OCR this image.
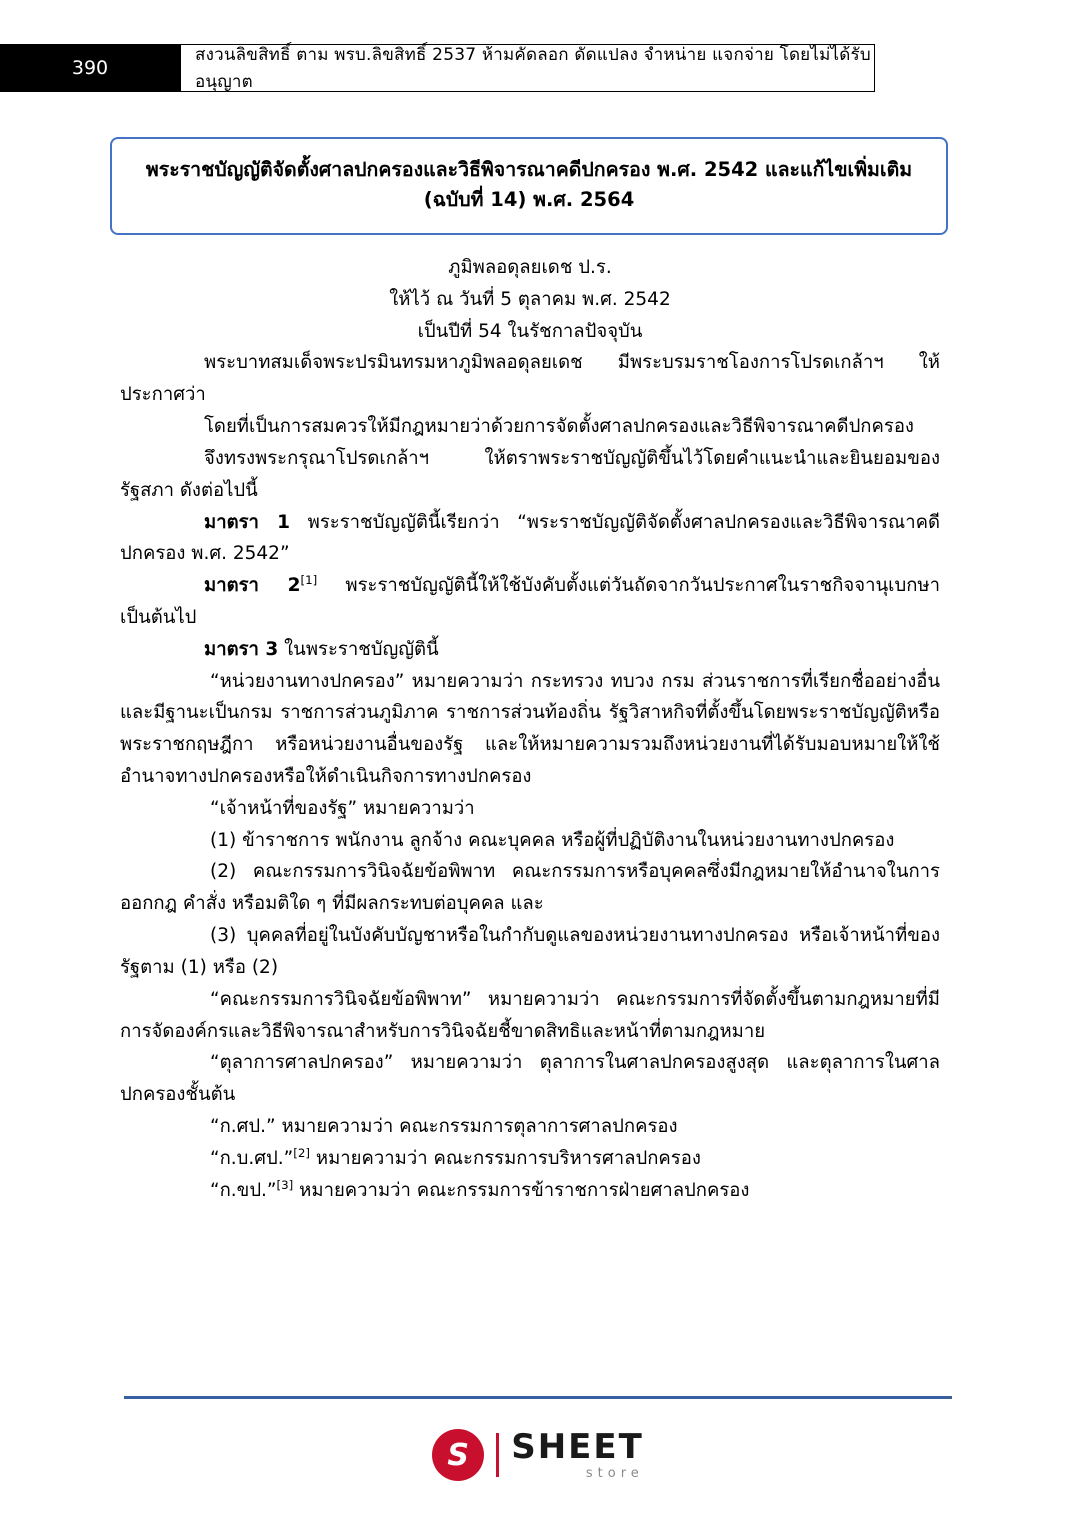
390
สงวนลิขสิทธิ์ ตาม พรบ.ลิขสิทธิ์ 2537 ห้ามคัดลอก ดัดแปลง จำหน่าย แจกจ่าย โดยไม่ได้รับอนุญาต
พระราชบัญญัติจัดตั้งศาลปกครองและวิธีพิจารณาคดีปกครอง พ.ศ. 2542 และแก้ไขเพิ่มเติม (ฉบับที่ 14) พ.ศ. 2564
ภูมิพลอดุลยเดช ป.ร.
ให้ไว้ ณ วันที่ 5 ตุลาคม พ.ศ. 2542
เป็นปีที่ 54 ในรัชกาลปัจจุบัน
พระบาทสมเด็จพระปรมินทรมหาภูมิพลอดุลยเดช มีพระบรมราชโองการโปรดเกล้าฯ ให้ประกาศว่า
โดยที่เป็นการสมควรให้มีกฎหมายว่าด้วยการจัดตั้งศาลปกครองและวิธีพิจารณาคดีปกครอง
จึงทรงพระกรุณาโปรดเกล้าฯ ให้ตราพระราชบัญญัติขึ้นไว้โดยคำแนะนำและยินยอมของรัฐสภา ดังต่อไปนี้
มาตรา 1 พระราชบัญญัตินี้เรียกว่า “พระราชบัญญัติจัดตั้งศาลปกครองและวิธีพิจารณาคดีปกครอง พ.ศ. 2542”
มาตรา 2[1] พระราชบัญญัตินี้ให้ใช้บังคับตั้งแต่วันถัดจากวันประกาศในราชกิจจานุเบกษาเป็นต้นไป
มาตรา 3 ในพระราชบัญญัตินี้
“หน่วยงานทางปกครอง” หมายความว่า กระทรวง ทบวง กรม ส่วนราชการที่เรียกชื่ออย่างอื่นและมีฐานะเป็นกรม ราชการส่วนภูมิภาค ราชการส่วนท้องถิ่น รัฐวิสาหกิจที่ตั้งขึ้นโดยพระราชบัญญัติหรือพระราชกฤษฎีกา หรือหน่วยงานอื่นของรัฐ และให้หมายความรวมถึงหน่วยงานที่ได้รับมอบหมายให้ใช้อำนาจทางปกครองหรือให้ดำเนินกิจการทางปกครอง
“เจ้าหน้าที่ของรัฐ” หมายความว่า
(1) ข้าราชการ พนักงาน ลูกจ้าง คณะบุคคล หรือผู้ที่ปฏิบัติงานในหน่วยงานทางปกครอง
(2) คณะกรรมการวินิจฉัยข้อพิพาท คณะกรรมการหรือบุคคลซึ่งมีกฎหมายให้อำนาจในการออกกฎ คำสั่ง หรือมติใด ๆ ที่มีผลกระทบต่อบุคคล และ
(3) บุคคลที่อยู่ในบังคับบัญชาหรือในกำกับดูแลของหน่วยงานทางปกครอง หรือเจ้าหน้าที่ของรัฐตาม (1) หรือ (2)
“คณะกรรมการวินิจฉัยข้อพิพาท” หมายความว่า คณะกรรมการที่จัดตั้งขึ้นตามกฎหมายที่มีการจัดองค์กรและวิธีพิจารณาสำหรับการวินิจฉัยชี้ขาดสิทธิและหน้าที่ตามกฎหมาย
“ตุลาการศาลปกครอง” หมายความว่า ตุลาการในศาลปกครองสูงสุด และตุลาการในศาลปกครองชั้นต้น
“ก.ศป.” หมายความว่า คณะกรรมการตุลาการศาลปกครอง
“ก.บ.ศป.”[2] หมายความว่า คณะกรรมการบริหารศาลปกครอง
“ก.ขป.”[3] หมายความว่า คณะกรรมการข้าราชการฝ่ายศาลปกครอง
S	SHEET
store
